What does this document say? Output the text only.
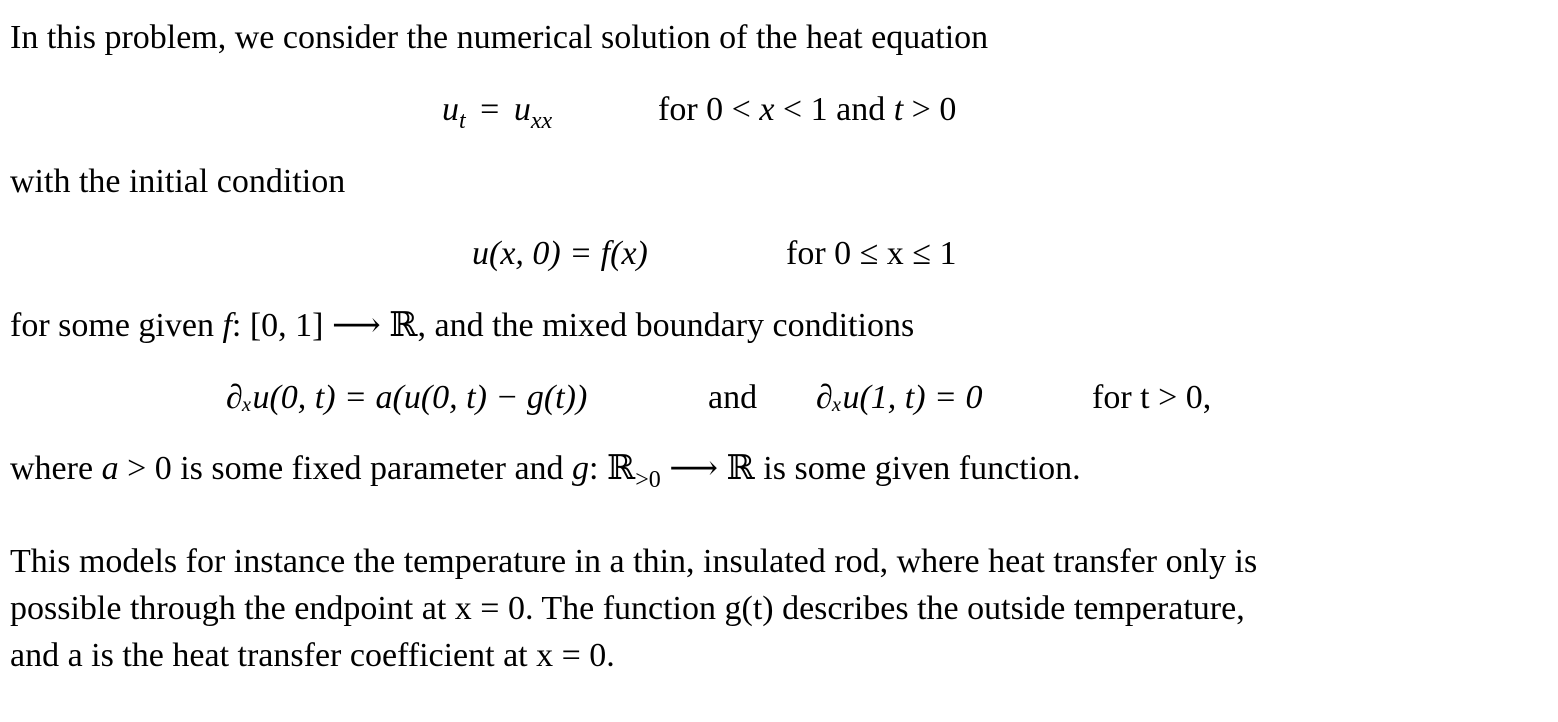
In this problem, we consider the numerical solution of the heat equation
$u_t = u_{xx}$	for 0 < x < 1 and t > 0
with the initial condition
u(x, 0) = f(x)	for 0 ≤ x ≤ 1
for some given f: [0, 1] ⟶ ℝ, and the mixed boundary conditions
∂ₓu(0, t) = a(u(0, t) − g(t))	and ∂ₓu(1, t) = 0	for t > 0,
where a > 0 is some fixed parameter and g: ℝ$_{>0}$ ⟶ ℝ is some given function.
This models for instance the temperature in a thin, insulated rod, where heat transfer only is
possible through the endpoint at x = 0. The function g(t) describes the outside temperature,
and a is the heat transfer coefficient at x = 0.
